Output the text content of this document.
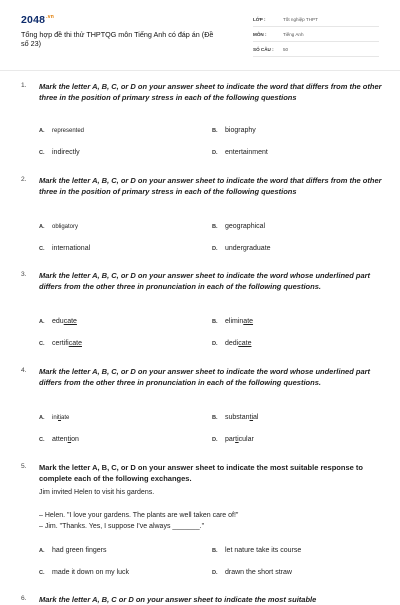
$2048^{.vn}$
Tổng hợp đề thi thử THPTQG môn Tiếng Anh có đáp án (Đề số 23)
LỚP :	Tốt nghiệp THPT
MÔN :	Tiếng Anh
SỐ CÂU : 50
1. Mark the letter A, B, C, or D on your answer sheet to indicate the word that differs from the other three in the position of primary stress in each of the following questions
A. represented	B. biography
C. indirectly	D. entertainment
2. Mark the letter A, B, C, or D on your answer sheet to indicate the word that differs from the other three in the position of primary stress in each of the following questions
A. obligatory	B. geographical
C. international	D. undergraduate
3. Mark the letter A, B, C, or D on your answer sheet to indicate the word whose underlined part differs from the other three in pronunciation in each of the following questions.
A. educate	B. eliminate
C. certificate	D. dedicate
4. Mark the letter A, B, C, or D on your answer sheet to indicate the word whose underlined part differs from the other three in pronunciation in each of the following questions.
A. initiate	B. substantial
C. attention	D. particular
5. Mark the letter A, B, C, or D on your answer sheet to indicate the most suitable response to complete each of the following exchanges.
Jim invited Helen to visit his gardens.
– Helen. "I love your gardens. The plants are well taken care of!"
– Jim. "Thanks. Yes, I suppose I've always _______."
A. had green fingers	B. let nature take its course
C. made it down on my luck	D. drawn the short straw
6. Mark the letter A, B, C or D on your answer sheet to indicate the most suitable
